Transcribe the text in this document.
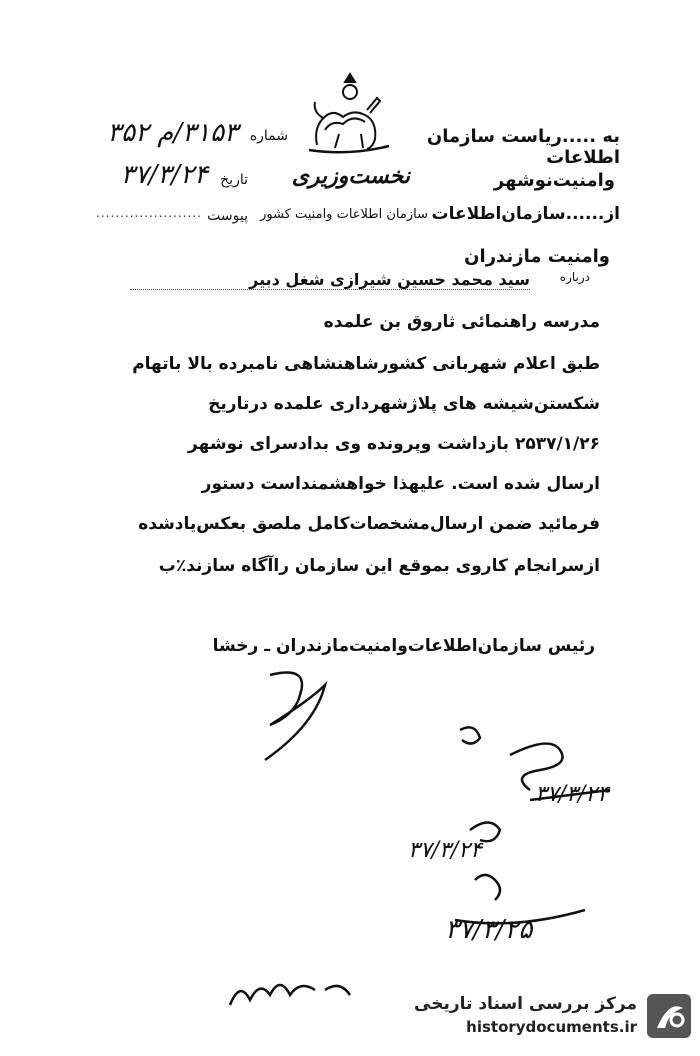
نخست‌وزیری
شماره
۳۱۵۳/م ۳۵۲
تاریخ
۳۷/۳/۲۴
پیوست
......................
به .....ریاست سازمان اطلاعات
وامنیت‌نوشهر
از......سازمان‌اطلاعات
سازمان اطلاعات وامنیت کشور
وامنیت مازندران
درباره
سید محمد حسین شیرازی شغل دبیر
مدرسه راهنمائی ثاروق بن علمده
طبق اعلام شهربانی کشورشاهنشاهی نامبرده بالا باتهام
شکستن‌شیشه های پلاژشهرداری علمده درتاریخ
۲۵۳۷/۱/۲۶ بازداشت وپرونده وی بدادسرای نوشهر
ارسال شده است. علیهذا خواهشمنداست دستور
فرمائید ضمن ارسال‌مشخصات‌کامل ملصق بعکس‌یادشده
ازسرانجام کاروی بموقع این سازمان راآگاه سازند‌٪ب
رئیس سازمان‌اطلاعات‌وامنیت‌مازندران ـ رخشا
۳۷/۳/۲۴
۳۷/۳/۲۴
۳۷/۳/۲۵
مرکز بررسی اسناد تاریخی
historydocuments.ir
